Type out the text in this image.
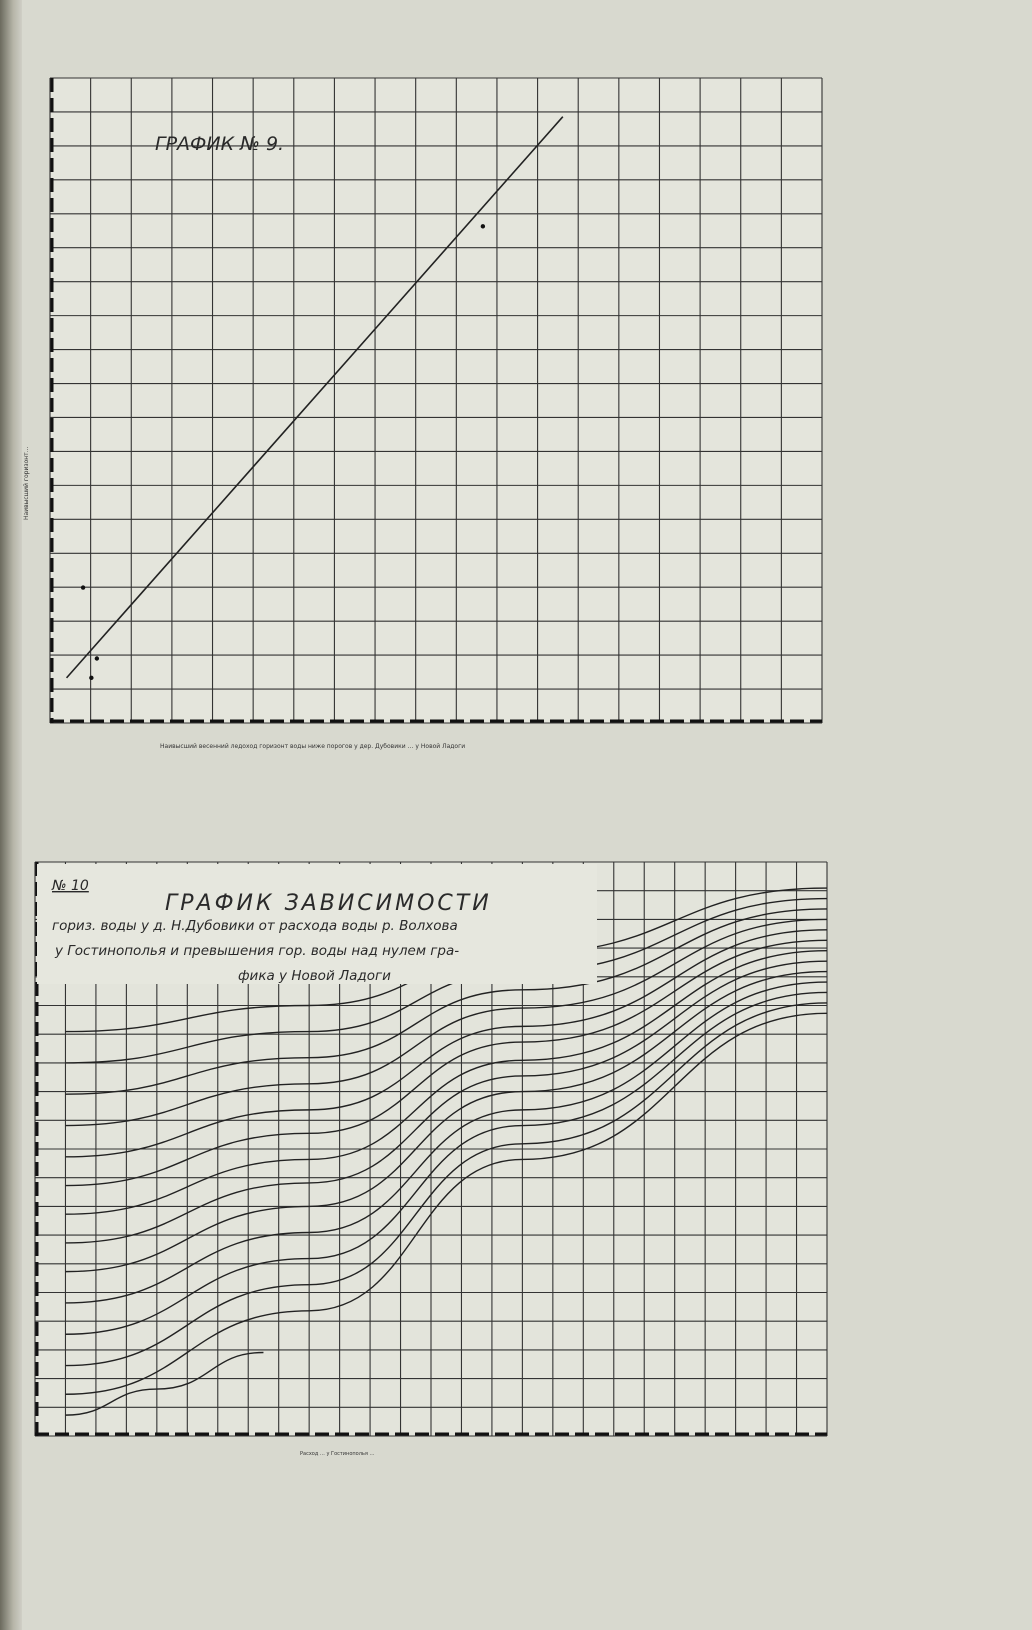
ГРАФИК № 9.
Наивысший весенний ледоход горизонт воды ниже порогов у дер. Дубовики … у Новой Ладоги
Наивысший горизонт…
№ 10
ГРАФИК ЗАВИСИМОСТИ
гориз. воды у д. Н.Дубовики от расхода воды р. Волхова
у Гостинополья и превышения гор. воды над нулем гра-
фика у Новой Ладоги
Расход … у Гостинополья …
